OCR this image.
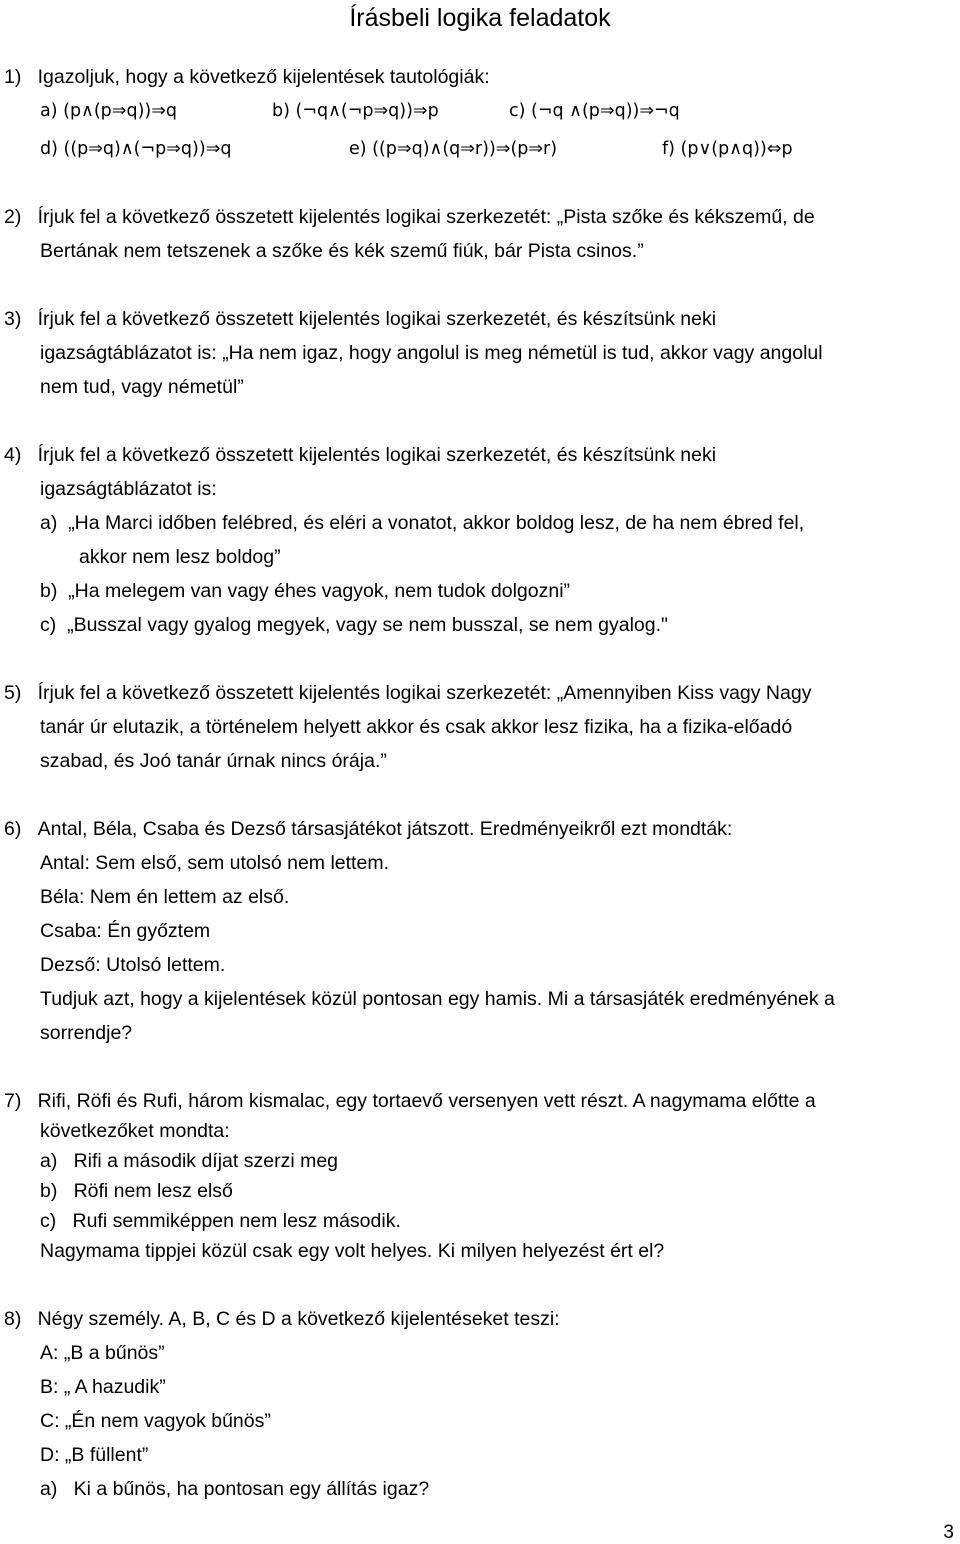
Írásbeli logika feladatok
1)   Igazoljuk, hogy a következő kijelentések tautológiák:
a) (p∧(p⇒q))⇒q	b) (¬q∧(¬p⇒q))⇒p	c) (¬q ∧(p⇒q))⇒¬q
d) ((p⇒q)∧(¬p⇒q))⇒q	e) ((p⇒q)∧(q⇒r))⇒(p⇒r)	f) (p∨(p∧q))⇔p
2)   Írjuk fel a következő összetett kijelentés logikai szerkezetét: „Pista szőke és kékszemű, de
Bertának nem tetszenek a szőke és kék szemű fiúk, bár Pista csinos.”
3)   Írjuk fel a következő összetett kijelentés logikai szerkezetét, és készítsünk neki
igazságtáblázatot is: „Ha nem igaz, hogy angolul is meg németül is tud, akkor vagy angolul
nem tud, vagy németül”
4)   Írjuk fel a következő összetett kijelentés logikai szerkezetét, és készítsünk neki
igazságtáblázatot is:
a)  „Ha Marci időben felébred, és eléri a vonatot, akkor boldog lesz, de ha nem ébred fel,
akkor nem lesz boldog”
b)  „Ha melegem van vagy éhes vagyok, nem tudok dolgozni”
c)  „Busszal vagy gyalog megyek, vagy se nem busszal, se nem gyalog."
5)   Írjuk fel a következő összetett kijelentés logikai szerkezetét: „Amennyiben Kiss vagy Nagy
tanár úr elutazik, a történelem helyett akkor és csak akkor lesz fizika, ha a fizika-előadó
szabad, és Joó tanár úrnak nincs órája.”
6)   Antal, Béla, Csaba és Dezső társasjátékot játszott. Eredményeikről ezt mondták:
Antal: Sem első, sem utolsó nem lettem.
Béla: Nem én lettem az első.
Csaba: Én győztem
Dezső: Utolsó lettem.
Tudjuk azt, hogy a kijelentések közül pontosan egy hamis. Mi a társasjáték eredményének a
sorrendje?
7)   Rifi, Röfi és Rufi, három kismalac, egy tortaevő versenyen vett részt. A nagymama előtte a
következőket mondta:
a)   Rifi a második díjat szerzi meg
b)   Röfi nem lesz első
c)   Rufi semmiképpen nem lesz második.
Nagymama tippjei közül csak egy volt helyes. Ki milyen helyezést ért el?
8)   Négy személy. A, B, C és D a következő kijelentéseket teszi:
A: „B a bűnös”
B: „ A hazudik”
C: „Én nem vagyok bűnös”
D: „B füllent”
a)   Ki a bűnös, ha pontosan egy állítás igaz?
3
